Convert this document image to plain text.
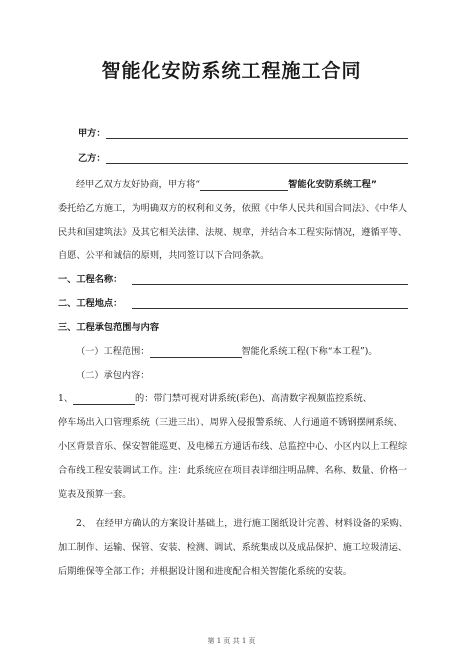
智能化安防系统工程施工合同
甲方：
乙方：
经甲乙双方友好协商，甲方将“	智能化安防系统工程”
委托给乙方施工，为明确双方的权利和义务，依照《中华人民共和国合同法》、《中华人
民共和国建筑法》及其它相关法律、法规、规章，并结合本工程实际情况，遵循平等、
自愿、公平和诚信的原则，共同签订以下合同条款。
一、工程名称：
二、工程地点：
三、工程承包范围与内容
（一）工程范围：	智能化系统工程(下称“本工程”)。
（二）承包内容：
1、	的：带门禁可视对讲系统(彩色)、高清数字视频监控系统、
停车场出入口管理系统（三进三出）、周界入侵报警系统、人行通道不锈钢摆闸系统、
小区背景音乐、保安智能巡更、及电梯五方通话布线、总监控中心、小区内以上工程综
合布线工程安装调试工作。注：此系统应在项目表详细注明品牌、名称、数量、价格一
览表及预算一套。
2、　在经甲方确认的方案设计基础上，进行施工图纸设计完善、材料设备的采购、
加工制作、运输、保管、安装、检测、调试、系统集成以及成品保护、施工垃圾清运、
后期维保等全部工作；并根据设计图和进度配合相关智能化系统的安装。
第 1 页 共 1 页
